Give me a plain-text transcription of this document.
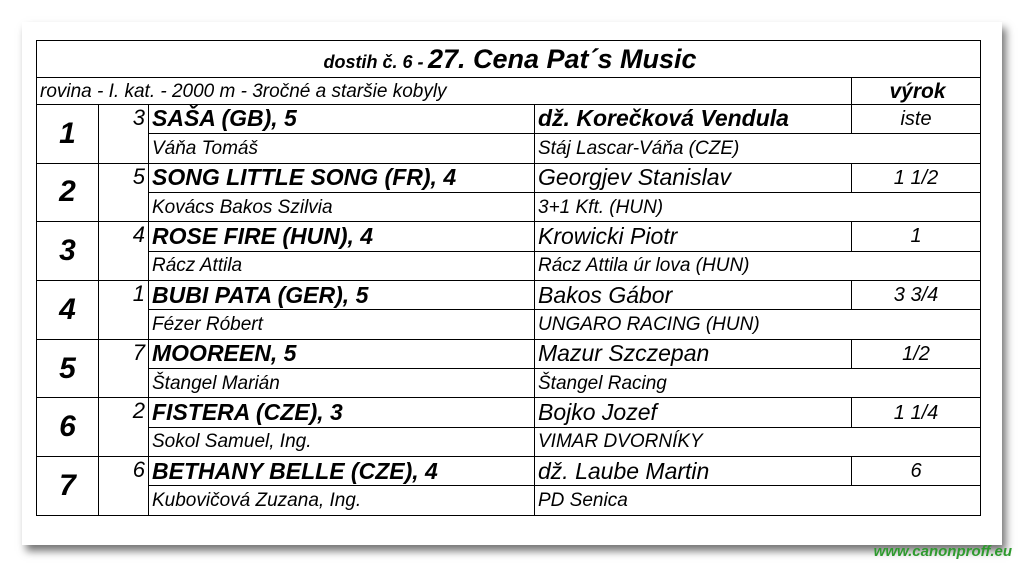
dostih č. 6 - 27. Cena Pat´s Music				
rovina - I. kat. - 2000 m - 3ročné a staršie kobyly				výrok
1	3	SAŠA (GB), 5	dž. Korečková Vendula	iste
		Váňa Tomáš	Stáj Lascar-Váňa (CZE)	
2	5	SONG LITTLE SONG (FR), 4	Georgjev Stanislav	1 1/2
		Kovács Bakos Szilvia	3+1 Kft. (HUN)	
3	4	ROSE FIRE (HUN), 4	Krowicki Piotr	1
		Rácz Attila	Rácz Attila úr lova (HUN)	
4	1	BUBI PATA (GER), 5	Bakos Gábor	3 3/4
		Fézer Róbert	UNGARO RACING (HUN)	
5	7	MOOREEN, 5	Mazur Szczepan	1/2
		Štangel Marián	Štangel Racing	
6	2	FISTERA (CZE), 3	Bojko Jozef	1 1/4
		Sokol Samuel, Ing.	VIMAR DVORNÍKY	
7	6	BETHANY BELLE (CZE), 4	dž. Laube Martin	6
		Kubovičová Zuzana, Ing.	PD Senica	
www.canonproff.eu
